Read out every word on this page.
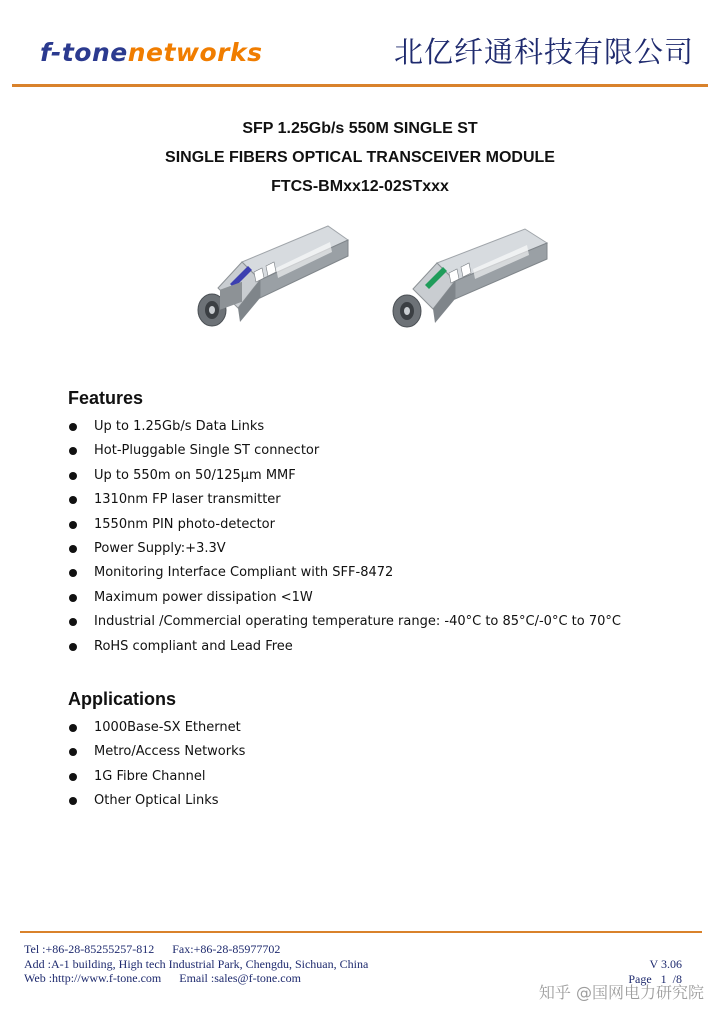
f-tonenetworks	北亿纤通科技有限公司
SFP 1.25Gb/s 550M SINGLE ST
SINGLE FIBERS OPTICAL TRANSCEIVER MODULE
FTCS-BMxx12-02STxxx
Features
Up to 1.25Gb/s Data Links
Hot-Pluggable Single ST connector
Up to 550m on 50/125μm MMF
1310nm FP laser transmitter
1550nm PIN photo-detector
Power Supply:+3.3V
Monitoring Interface Compliant with SFF-8472
Maximum power dissipation <1W
Industrial /Commercial operating temperature range: -40°C to 85°C/-0°C to 70°C
RoHS compliant and Lead Free
Applications
1000Base-SX Ethernet
Metro/Access Networks
1G Fibre Channel
Other Optical Links
Tel :+86-28-85255257-812 Fax:+86-28-85977702
Add :A-1 building, High tech Industrial Park, Chengdu, Sichuan, China
Web :http://www.f-tone.com Email :sales@f-tone.com
V 3.06
Page   1  /8
知乎 @国网电力研究院
